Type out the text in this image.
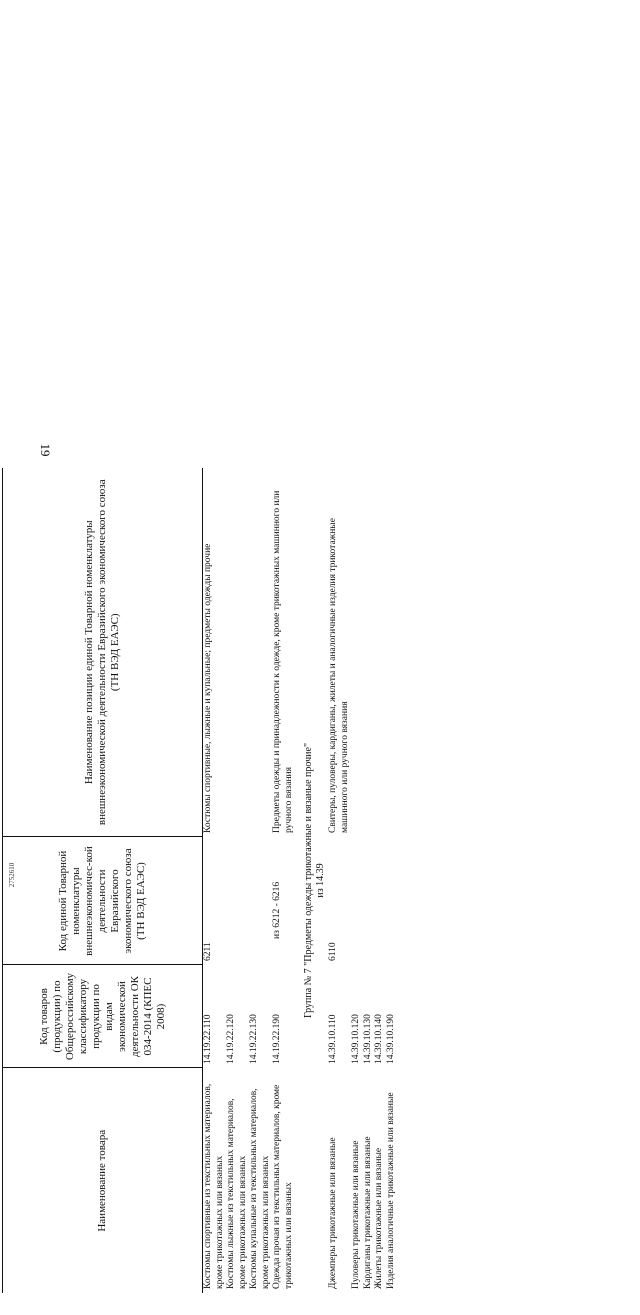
19
2752610
Наименование товара	Код товаров (продукции) по Общероссийскому классификатору продукции по видам экономической деятельности ОК 034-2014 (КПЕС 2008)	Код единой Товарной номенклатуры внешнеэкономичес-кой деятельности Евразийского экономического союза (ТН ВЭД ЕАЭС)	Наименование позиции единой Товарной номенклатуры внешнеэкономической деятельности Евразийского экономического союза (ТН ВЭД ЕАЭС)
Костюмы спортивные из текстильных материалов, кроме трикотажных или вязаных	14.19.22.110	6211	Костюмы спортивные, лыжные и купальные; предметы одежды прочие
Костюмы лыжные из текстильных материалов, кроме трикотажных или вязаных	14.19.22.120		
Костюмы купальные из текстильных материалов, кроме трикотажных или вязаных	14.19.22.130		
Одежда прочая из текстильных материалов, кроме трикотажных или вязаных	14.19.22.190	из 6212 - 6216	Предметы одежды и принадлежности к одежде, кроме трикотажных машинного или ручного вязания
Группа № 7 "Предметы одежды трикотажные и вязаные прочие" из 14.39			

Джемперы трикотажные или вязаные	14.39.10.110	6110	Свитеры, пуловеры, кардиганы, жилеты и аналогичные изделия трикотажные машинного или ручного вязания
Пуловеры трикотажные или вязаные	14.39.10.120		
Кардиганы трикотажные или вязаные	14.39.10.130		
Жилеты трикотажные или вязаные	14.39.10.140		
Изделия аналогичные трикотажные или вязаные	14.39.10.190		
